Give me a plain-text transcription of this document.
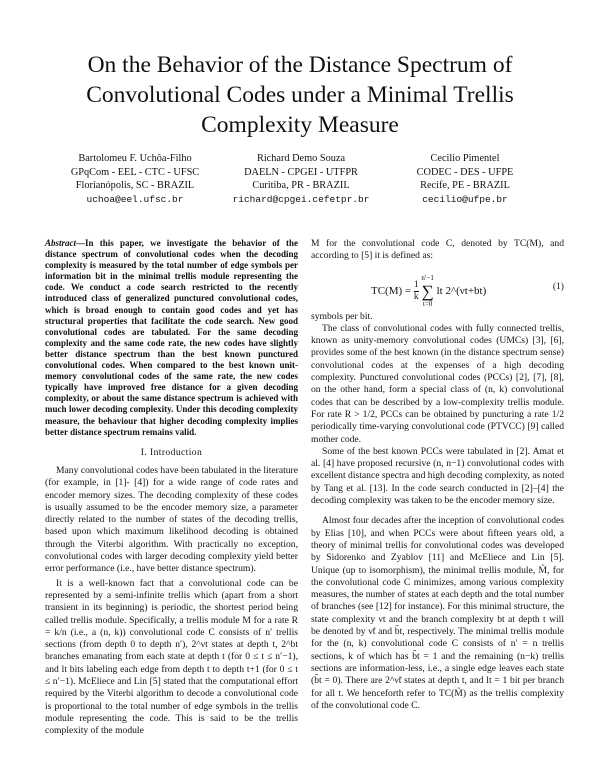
On the Behavior of the Distance Spectrum of Convolutional Codes under a Minimal Trellis Complexity Measure
Bartolomeu F. Uchôa-Filho
GPqCom - EEL - CTC - UFSC
Florianópolis, SC - BRAZIL
uchoa@eel.ufsc.br
Richard Demo Souza
DAELN - CPGEI - UTFPR
Curitiba, PR - BRAZIL
richard@cpgei.cefetpr.br
Cecilio Pimentel
CODEC - DES - UFPE
Recife, PE - BRAZIL
cecilio@ufpe.br
Abstract—In this paper, we investigate the behavior of the distance spectrum of convolutional codes when the decoding complexity is measured by the total number of edge symbols per information bit in the minimal trellis module representing the code. We conduct a code search restricted to the recently introduced class of generalized punctured convolutional codes, which is broad enough to contain good codes and yet has structural properties that facilitate the code search. New good convolutional codes are tabulated. For the same decoding complexity and the same code rate, the new codes have slightly better distance spectrum than the best known punctured convolutional codes. When compared to the best known unit-memory convolutional codes of the same rate, the new codes typically have improved free distance for a given decoding complexity, or about the same distance spectrum is achieved with much lower decoding complexity. Under this decoding complexity measure, the behaviour that higher decoding complexity implies better distance spectrum remains valid.
I. Introduction

Many convolutional codes have been tabulated in the literature (for example, in [1]- [4]) for a wide range of code rates and encoder memory sizes. The decoding complexity of these codes is usually assumed to be the encoder memory size, a parameter directly related to the number of states of the decoding trellis, based upon which maximum likelihood decoding is obtained through the Viterbi algorithm. With practically no exception, convolutional codes with larger decoding complexity yield better error performance (i.e., have better distance spectrum).

It is a well-known fact that a convolutional code can be represented by a semi-infinite trellis which (apart from a short transient in its beginning) is periodic, the shortest period being called trellis module. Specifically, a trellis module M for a rate R = k/n (i.e., a (n, k)) convolutional code C consists of n′ trellis sections (from depth 0 to depth n′), 2^νt states at depth t, 2^bt branches emanating from each state at depth t (for 0 ≤ t ≤ n′−1), and lt bits labeling each edge from depth t to depth t+1 (for 0 ≤ t ≤ n′−1). McEliece and Lin [5] stated that the computational effort required by the Viterbi algorithm to decode a convolutional code is proportional to the total number of edge symbols in the trellis module representing the code. This is said to be the trellis complexity of the module

M for the convolutional code C, denoted by TC(M), and according to [5] it is defined as:

$TC(M) = \frac{1}{k}$

n′−1
∑
t=0
lt 2^(νt+bt)	(1)

symbols per bit.

The class of convolutional codes with fully connected trellis, known as unity-memory convolutional codes (UMCs) [3], [6], provides some of the best known (in the distance spectrum sense) convolutional codes at the expenses of a high decoding complexity. Punctured convolutional codes (PCCs) [2], [7], [8], on the other hand, form a special class of (n, k) convolutional codes that can be described by a low-complexity trellis module. For rate R > 1/2, PCCs can be obtained by puncturing a rate 1/2 periodically time-varying convolutional code (PTVCC) [9] called mother code.

Some of the best known PCCs were tabulated in [2]. Amat et al. [4] have proposed recursive (n, n−1) convolutional codes with excellent distance spectra and high decoding complexity, as noted by Tang et al. [13]. In the code search conducted in [2]–[4] the decoding complexity was taken to be the encoder memory size.

Almost four decades after the inception of convolutional codes by Elias [10], and when PCCs were about fifteen years old, a theory of minimal trellis for convolutional codes was developed by Sidorenko and Zyablov [11] and McEliece and Lin [5]. Unique (up to isomorphism), the minimal trellis module, M̃, for the convolutional code C minimizes, among various complexity measures, the number of states at each depth and the total number of branches (see [12] for instance). For this minimal structure, the state complexity νt and the branch complexity bt at depth t will be denoted by ν̃t and b̃t, respectively. The minimal trellis module for the (n, k) convolutional code C consists of n′ = n trellis sections, k of which has b̃t = 1 and the remaining (n−k) trellis sections are information-less, i.e., a single edge leaves each state (b̃t = 0). There are 2^ν̃t states at depth t, and lt = 1 bit per branch for all t. We henceforth refer to TC(M̃) as the trellis complexity of the convolutional code C.
